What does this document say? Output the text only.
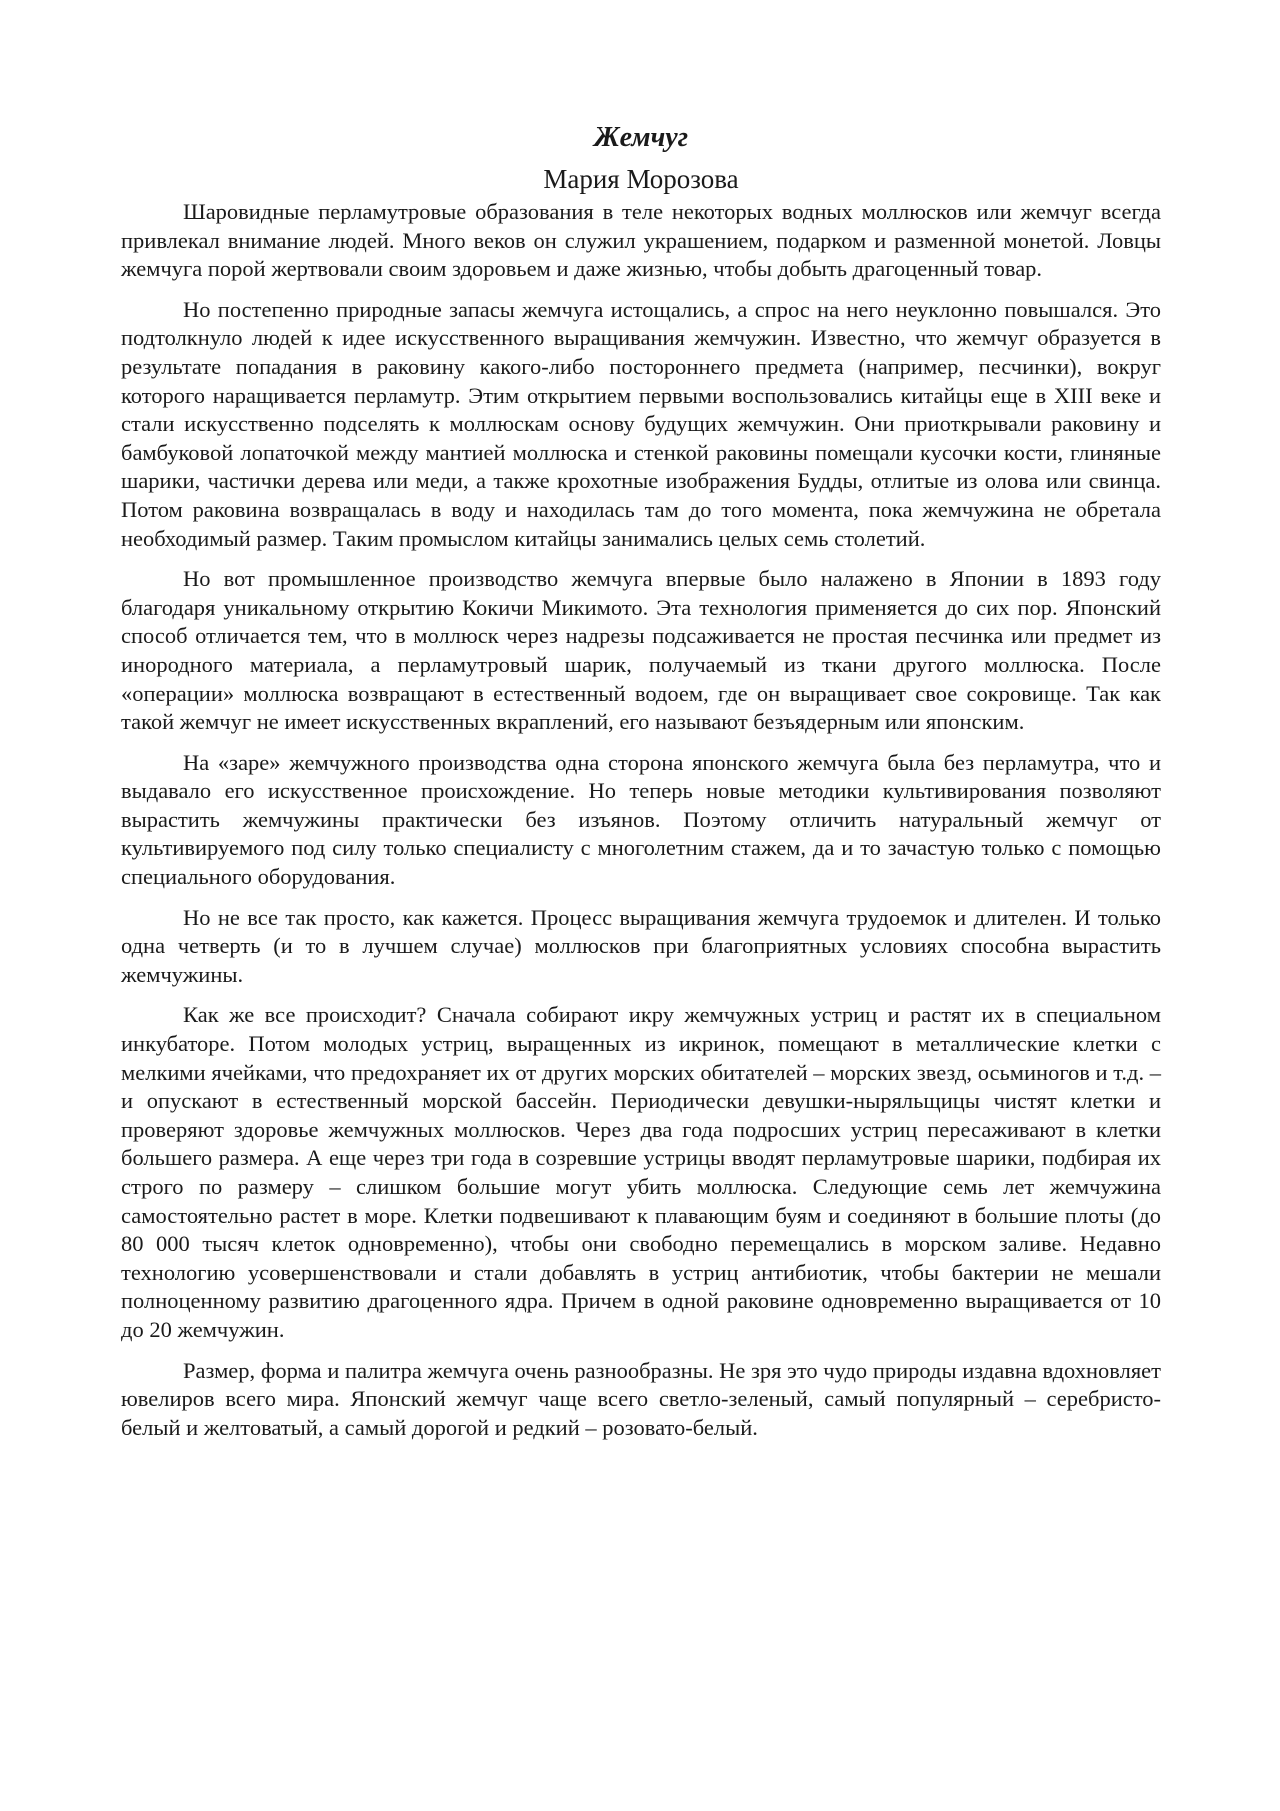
Жемчуг
Мария Морозова

Шаровидные перламутровые образования в теле некоторых водных моллюсков или жемчуг всегда привлекал внимание людей. Много веков он служил украшением, подарком и разменной монетой. Ловцы жемчуга порой жертвовали своим здоровьем и даже жизнью, чтобы добыть драгоценный товар.

Но постепенно природные запасы жемчуга истощались, а спрос на него неуклонно повышался. Это подтолкнуло людей к идее искусственного выращивания жемчужин. Известно, что жемчуг образуется в результате попадания в раковину какого-либо постороннего предмета (например, песчинки), вокруг которого наращивается перламутр. Этим открытием первыми воспользовались китайцы еще в XIII веке и стали искусственно подселять к моллюскам основу будущих жемчужин. Они приоткрывали раковину и бамбуковой лопаточкой между мантией моллюска и стенкой раковины помещали кусочки кости, глиняные шарики, частички дерева или меди, а также крохотные изображения Будды, отлитые из олова или свинца. Потом раковина возвращалась в воду и находилась там до того момента, пока жемчужина не обретала необходимый размер. Таким промыслом китайцы занимались целых семь столетий.

Но вот промышленное производство жемчуга впервые было налажено в Японии в 1893 году благодаря уникальному открытию Кокичи Микимото. Эта технология применяется до сих пор. Японский способ отличается тем, что в моллюск через надрезы подсаживается не простая песчинка или предмет из инородного материала, а перламутровый шарик, получаемый из ткани другого моллюска. После «операции» моллюска возвращают в естественный водоем, где он выращивает свое сокровище. Так как такой жемчуг не имеет искусственных вкраплений, его называют безъядерным или японским.

На «заре» жемчужного производства одна сторона японского жемчуга была без перламутра, что и выдавало его искусственное происхождение. Но теперь новые методики культивирования позволяют вырастить жемчужины практически без изъянов. Поэтому отличить натуральный жемчуг от культивируемого под силу только специалисту с многолетним стажем, да и то зачастую только с помощью специального оборудования.

Но не все так просто, как кажется. Процесс выращивания жемчуга трудоемок и длителен. И только одна четверть (и то в лучшем случае) моллюсков при благоприятных условиях способна вырастить жемчужины.

Как же все происходит? Сначала собирают икру жемчужных устриц и растят их в специальном инкубаторе. Потом молодых устриц, выращенных из икринок, помещают в металлические клетки с мелкими ячейками, что предохраняет их от других морских обитателей – морских звезд, осьминогов и т.д. – и опускают в естественный морской бассейн. Периодически девушки-ныряльщицы чистят клетки и проверяют здоровье жемчужных моллюсков. Через два года подросших устриц пересаживают в клетки большего размера. А еще через три года в созревшие устрицы вводят перламутровые шарики, подбирая их строго по размеру – слишком большие могут убить моллюска. Следующие семь лет жемчужина самостоятельно растет в море. Клетки подвешивают к плавающим буям и соединяют в большие плоты (до 80 000 тысяч клеток одновременно), чтобы они свободно перемещались в морском заливе. Недавно технологию усовершенствовали и стали добавлять в устриц антибиотик, чтобы бактерии не мешали полноценному развитию драгоценного ядра. Причем в одной раковине одновременно выращивается от 10 до 20 жемчужин.

Размер, форма и палитра жемчуга очень разнообразны. Не зря это чудо природы издавна вдохновляет ювелиров всего мира. Японский жемчуг чаще всего светло-зеленый, самый популярный – серебристо-белый и желтоватый, а самый дорогой и редкий – розовато-белый.
